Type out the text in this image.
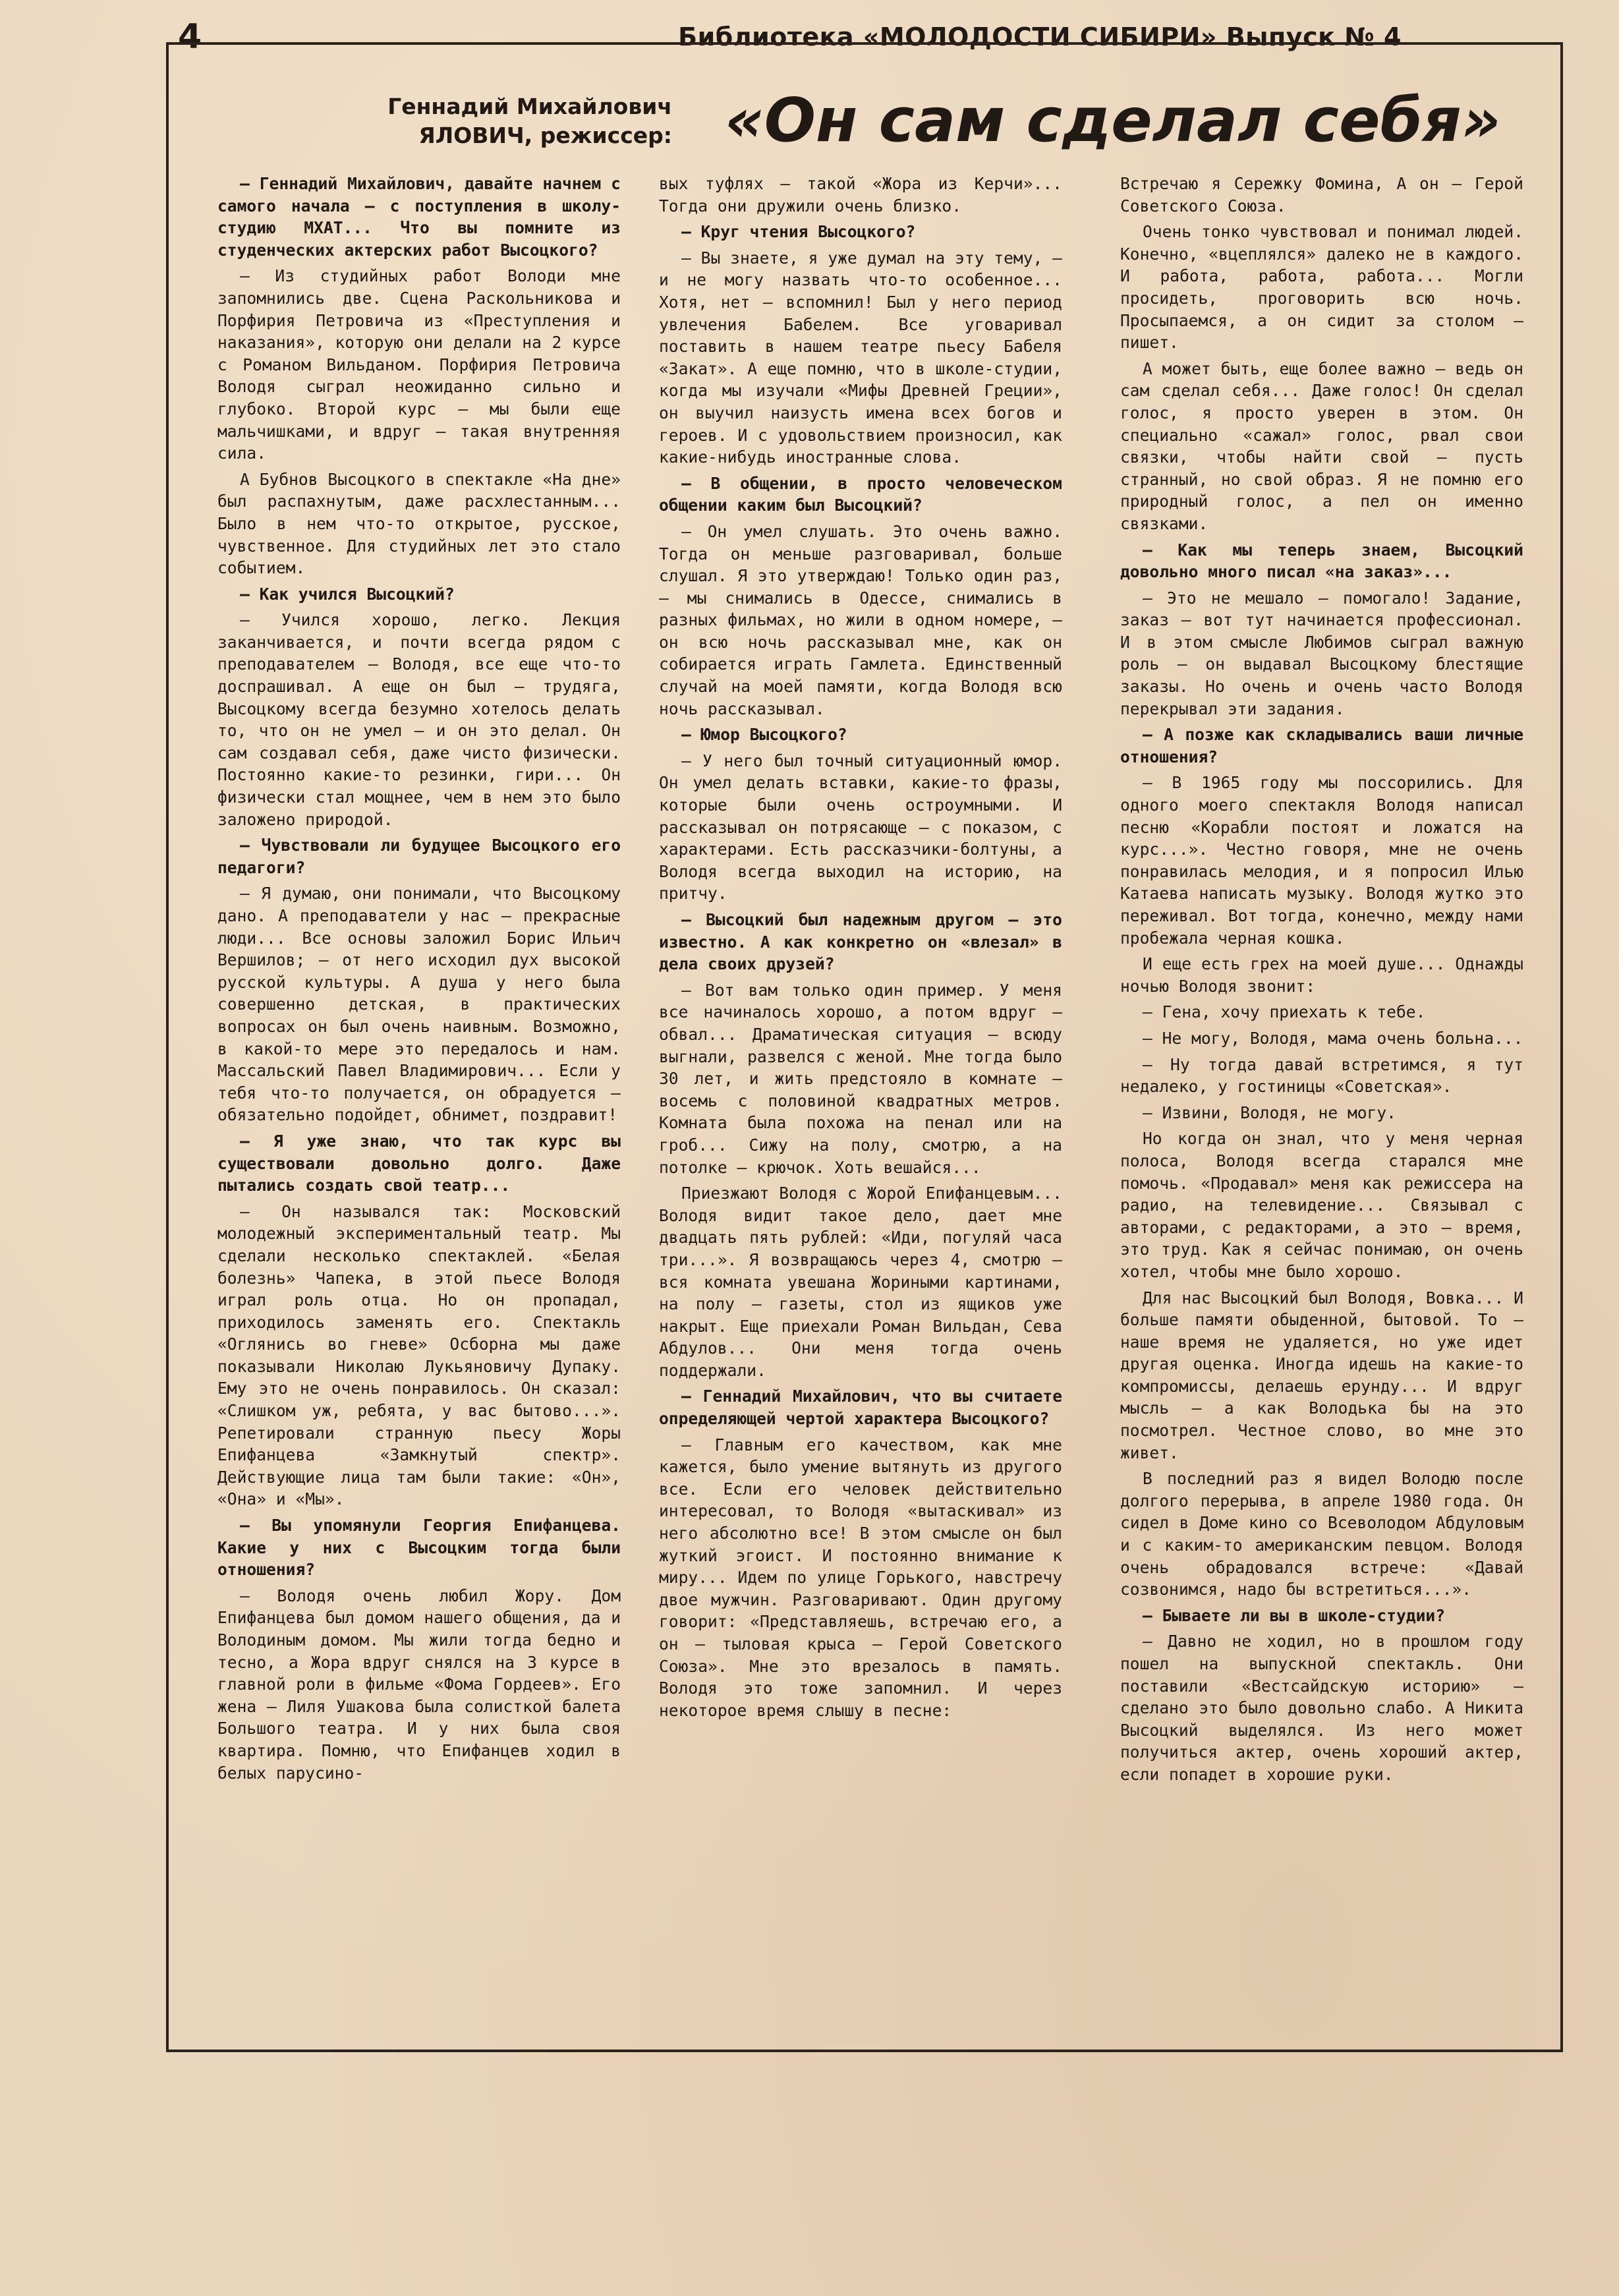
4	Библиотека «МОЛОДОСТИ СИБИРИ» Выпуск № 4
Геннадий Михайлович
ЯЛОВИЧ, режиссер: «Он сам сделал себя»

— Геннадий Михайлович, давайте начнем с самого начала — с поступления в школу-студию МХАТ... Что вы помните из студенческих актерских работ Высоцкого?

— Из студийных работ Володи мне запомнились две. Сцена Раскольникова и Порфирия Петровича из «Преступления и наказания», которую они делали на 2 курсе с Романом Вильданом. Порфирия Петровича Володя сыграл неожиданно сильно и глубоко. Второй курс — мы были еще мальчишками, и вдруг — такая внутренняя сила.

А Бубнов Высоцкого в спектакле «На дне» был распахнутым, даже расхлестанным... Было в нем что-то открытое, русское, чувственное. Для студийных лет это стало событием.

— Как учился Высоцкий?

— Учился хорошо, легко. Лекция заканчивается, и почти всегда рядом с преподавателем — Володя, все еще что-то доспрашивал. А еще он был — трудяга, Высоцкому всегда безумно хотелось делать то, что он не умел — и он это делал. Он сам создавал себя, даже чисто физически. Постоянно какие-то резинки, гири... Он физически стал мощнее, чем в нем это было заложено природой.

— Чувствовали ли будущее Высоцкого его педагоги?

— Я думаю, они понимали, что Высоцкому дано. А преподаватели у нас — прекрасные люди... Все основы заложил Борис Ильич Вершилов; — от него исходил дух высокой русской культуры. А душа у него была совершенно детская, в практических вопросах он был очень наивным. Возможно, в какой-то мере это передалось и нам. Массальский Павел Владимирович... Если у тебя что-то получается, он обрадуется — обязательно подойдет, обнимет, поздравит!

— Я уже знаю, что так курс вы существовали довольно долго. Даже пытались создать свой театр...

— Он назывался так: Московский молодежный экспериментальный театр. Мы сделали несколько спектаклей. «Белая болезнь» Чапека, в этой пьесе Володя играл роль отца. Но он пропадал, приходилось заменять его. Спектакль «Оглянись во гневе» Осборна мы даже показывали Николаю Лукьяновичу Дупаку. Ему это не очень понравилось. Он сказал: «Слишком уж, ребята, у вас бытово...». Репетировали странную пьесу Жоры Епифанцева «Замкнутый спектр». Действующие лица там были такие: «Он», «Она» и «Мы».

— Вы упомянули Георгия Епифанцева. Какие у них с Высоцким тогда были отношения?

— Володя очень любил Жору. Дом Епифанцева был домом нашего общения, да и Володиным домом. Мы жили тогда бедно и тесно, а Жора вдруг снялся на 3 курсе в главной роли в фильме «Фома Гордеев». Его жена — Лиля Ушакова была солисткой балета Большого театра. И у них была своя квартира. Помню, что Епифанцев ходил в белых парусино-

вых туфлях — такой «Жора из Керчи»... Тогда они дружили очень близко.

— Круг чтения Высоцкого?

— Вы знаете, я уже думал на эту тему, — и не могу назвать что-то особенное... Хотя, нет — вспомнил! Был у него период увлечения Бабелем. Все уговаривал поставить в нашем театре пьесу Бабеля «Закат». А еще помню, что в школе-студии, когда мы изучали «Мифы Древней Греции», он выучил наизусть имена всех богов и героев. И с удовольствием произносил, как какие-нибудь иностранные слова.

— В общении, в просто человеческом общении каким был Высоцкий?

— Он умел слушать. Это очень важно. Тогда он меньше разговаривал, больше слушал. Я это утверждаю! Только один раз, — мы снимались в Одессе, снимались в разных фильмах, но жили в одном номере, — он всю ночь рассказывал мне, как он собирается играть Гамлета. Единственный случай на моей памяти, когда Володя всю ночь рассказывал.

— Юмор Высоцкого?

— У него был точный ситуационный юмор. Он умел делать вставки, какие-то фразы, которые были очень остроумными. И рассказывал он потрясающе — с показом, с характерами. Есть рассказчики-болтуны, а Володя всегда выходил на историю, на притчу.

— Высоцкий был надежным другом — это известно. А как конкретно он «влезал» в дела своих друзей?

— Вот вам только один пример. У меня все начиналось хорошо, а потом вдруг — обвал... Драматическая ситуация — всюду выгнали, развелся с женой. Мне тогда было 30 лет, и жить предстояло в комнате — восемь с половиной квадратных метров. Комната была похожа на пенал или на гроб... Сижу на полу, смотрю, а на потолке — крючок. Хоть вешайся...

Приезжают Володя с Жорой Епифанцевым... Володя видит такое дело, дает мне двадцать пять рублей: «Иди, погуляй часа три...». Я возвращаюсь через 4, смотрю — вся комната увешана Жориными картинами, на полу — газеты, стол из ящиков уже накрыт. Еще приехали Роман Вильдан, Сева Абдулов... Они меня тогда очень поддержали.

— Геннадий Михайлович, что вы считаете определяющей чертой характера Высоцкого?

— Главным его качеством, как мне кажется, было умение вытянуть из другого все. Если его человек действительно интересовал, то Володя «вытаскивал» из него абсолютно все! В этом смысле он был жуткий эгоист. И постоянно внимание к миру... Идем по улице Горького, навстречу двое мужчин. Разговаривают. Один другому говорит: «Представляешь, встречаю его, а он — тыловая крыса — Герой Советского Союза». Мне это врезалось в память. Володя это тоже запомнил. И через некоторое время слышу в песне:

Встречаю я Сережку Фомина, А он — Герой Советского Союза.

Очень тонко чувствовал и понимал людей. Конечно, «вцеплялся» далеко не в каждого. И работа, работа, работа... Могли просидеть, проговорить всю ночь. Просыпаемся, а он сидит за столом — пишет.

А может быть, еще более важно — ведь он сам сделал себя... Даже голос! Он сделал голос, я просто уверен в этом. Он специально «сажал» голос, рвал свои связки, чтобы найти свой — пусть странный, но свой образ. Я не помню его природный голос, а пел он именно связками.

— Как мы теперь знаем, Высоцкий довольно много писал «на заказ»...

— Это не мешало — помогало! Задание, заказ — вот тут начинается профессионал. И в этом смысле Любимов сыграл важную роль — он выдавал Высоцкому блестящие заказы. Но очень и очень часто Володя перекрывал эти задания.

— А позже как складывались ваши личные отношения?

— В 1965 году мы поссорились. Для одного моего спектакля Володя написал песню «Корабли постоят и ложатся на курс...». Честно говоря, мне не очень понравилась мелодия, и я попросил Илью Катаева написать музыку. Володя жутко это переживал. Вот тогда, конечно, между нами пробежала черная кошка.

И еще есть грех на моей душе... Однажды ночью Володя звонит:

— Гена, хочу приехать к тебе.

— Не могу, Володя, мама очень больна...

— Ну тогда давай встретимся, я тут недалеко, у гостиницы «Советская».

— Извини, Володя, не могу.

Но когда он знал, что у меня черная полоса, Володя всегда старался мне помочь. «Продавал» меня как режиссера на радио, на телевидение... Связывал с авторами, с редакторами, а это — время, это труд. Как я сейчас понимаю, он очень хотел, чтобы мне было хорошо.

Для нас Высоцкий был Володя, Вовка... И больше памяти обыденной, бытовой. То — наше время не удаляется, но уже идет другая оценка. Иногда идешь на какие-то компромиссы, делаешь ерунду... И вдруг мысль — а как Володька бы на это посмотрел. Честное слово, во мне это живет.

В последний раз я видел Володю после долгого перерыва, в апреле 1980 года. Он сидел в Доме кино со Всеволодом Абдуловым и с каким-то американским певцом. Володя очень обрадовался встрече: «Давай созвонимся, надо бы встретиться...».

— Бываете ли вы в школе-студии?

— Давно не ходил, но в прошлом году пошел на выпускной спектакль. Они поставили «Вестсайдскую историю» — сделано это было довольно слабо. А Никита Высоцкий выделялся. Из него может получиться актер, очень хороший актер, если попадет в хорошие руки.
